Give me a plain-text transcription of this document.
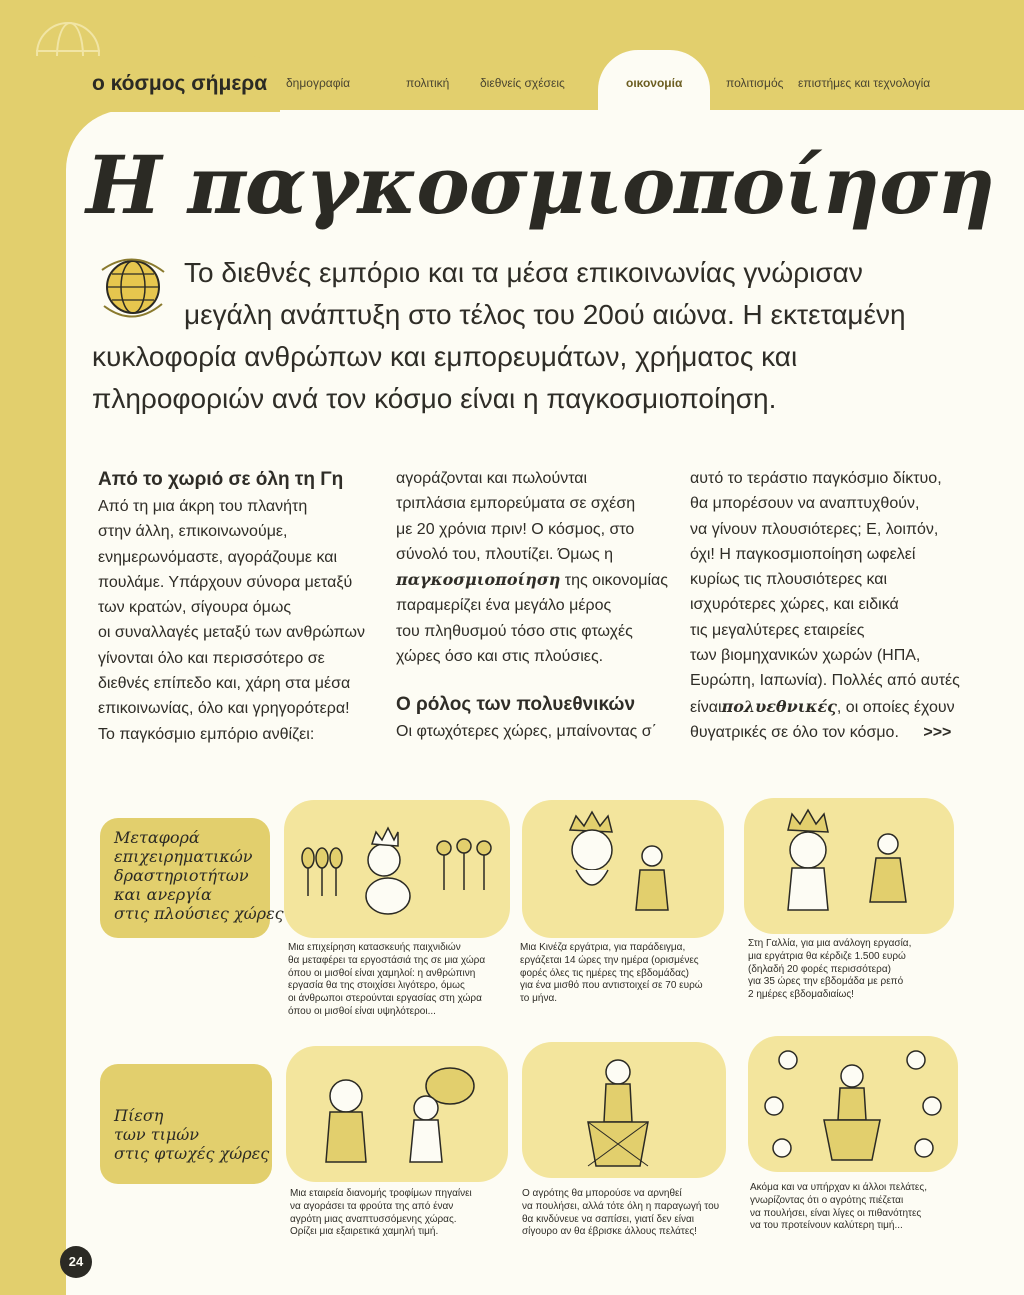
ο κόσμος σήμερα δημογραφία	πολιτική	διεθνείς σχέσεις	οικονομία	πολιτισμός επιστήμες και τεχνολογία
Η παγκοσμιοποίηση
Το διεθνές εμπόριο και τα μέσα επικοινωνίας γνώρισαν
μεγάλη ανάπτυξη στο τέλος του 20ού αιώνα. Η εκτεταμένη
κυκλοφορία ανθρώπων και εμπορευμάτων, χρήματος και
πληροφοριών ανά τον κόσμο είναι η παγκοσμιοποίηση.
Από το χωριό σε όλη τη Γη

Από τη μια άκρη του πλανήτη

στην άλλη, επικοινωνούμε,

ενημερωνόμαστε, αγοράζουμε και

πουλάμε. Υπάρχουν σύνορα μεταξύ

των κρατών, σίγουρα όμως

οι συναλλαγές μεταξύ των ανθρώπων

γίνονται όλο και περισσότερο σε

διεθνές επίπεδο και, χάρη στα μέσα

επικοινωνίας, όλο και γρηγορότερα!

Το παγκόσμιο εμπόριο ανθίζει:

αγοράζονται και πωλούνται

τριπλάσια εμπορεύματα σε σχέση

με 20 χρόνια πριν! Ο κόσμος, στο

σύνολό του, πλουτίζει. Όμως η

παγκοσμιοποίηση της οικονομίας

παραμερίζει ένα μεγάλο μέρος

του πληθυσμού τόσο στις φτωχές

χώρες όσο και στις πλούσιες.

Ο ρόλος των πολυεθνικών

Οι φτωχότερες χώρες, μπαίνοντας σ΄

αυτό το τεράστιο παγκόσμιο δίκτυο,

θα μπορέσουν να αναπτυχθούν,

να γίνουν πλουσιότερες; Ε, λοιπόν,

όχι! Η παγκοσμιοποίηση ωφελεί

κυρίως τις πλουσιότερες και

ισχυρότερες χώρες, και ειδικά

τις μεγαλύτερες εταιρείες

των βιομηχανικών χωρών (ΗΠΑ,

Ευρώπη, Ιαπωνία). Πολλές από αυτές

είναιπολυεθνικές, οι οποίες έχουν

θυγατρικές σε όλο τον κόσμο. >>>

Μεταφορά
επιχειρηματικών
δραστηριοτήτων
και ανεργία
στις πλούσιες χώρες
Πίεση
των τιμών
στις φτωχές χώρες
Μια επιχείρηση κατασκευής παιχνιδιών
θα μεταφέρει τα εργοστάσιά της σε μια χώρα
όπου οι μισθοί είναι χαμηλοί: η ανθρώπινη
εργασία θα της στοιχίσει λιγότερο, όμως
οι άνθρωποι στερούνται εργασίας στη χώρα
όπου οι μισθοί είναι υψηλότεροι...
Μια Κινέζα εργάτρια, για παράδειγμα,
εργάζεται 14 ώρες την ημέρα (ορισμένες
φορές όλες τις ημέρες της εβδομάδας)
για ένα μισθό που αντιστοιχεί σε 70 ευρώ
το μήνα.
Στη Γαλλία, για μια ανάλογη εργασία,
μια εργάτρια θα κέρδιζε 1.500 ευρώ
(δηλαδή 20 φορές περισσότερα)
για 35 ώρες την εβδομάδα με ρεπό
2 ημέρες εβδομαδιαίως!
Μια εταιρεία διανομής τροφίμων πηγαίνει
να αγοράσει τα φρούτα της από έναν
αγρότη μιας αναπτυσσόμενης χώρας.
Ορίζει μια εξαιρετικά χαμηλή τιμή.
Ο αγρότης θα μπορούσε να αρνηθεί
να πουλήσει, αλλά τότε όλη η παραγωγή του
θα κινδύνευε να σαπίσει, γιατί δεν είναι
σίγουρο αν θα έβρισκε άλλους πελάτες!
Ακόμα και να υπήρχαν κι άλλοι πελάτες,
γνωρίζοντας ότι ο αγρότης πιέζεται
να πουλήσει, είναι λίγες οι πιθανότητες
να του προτείνουν καλύτερη τιμή...
24
